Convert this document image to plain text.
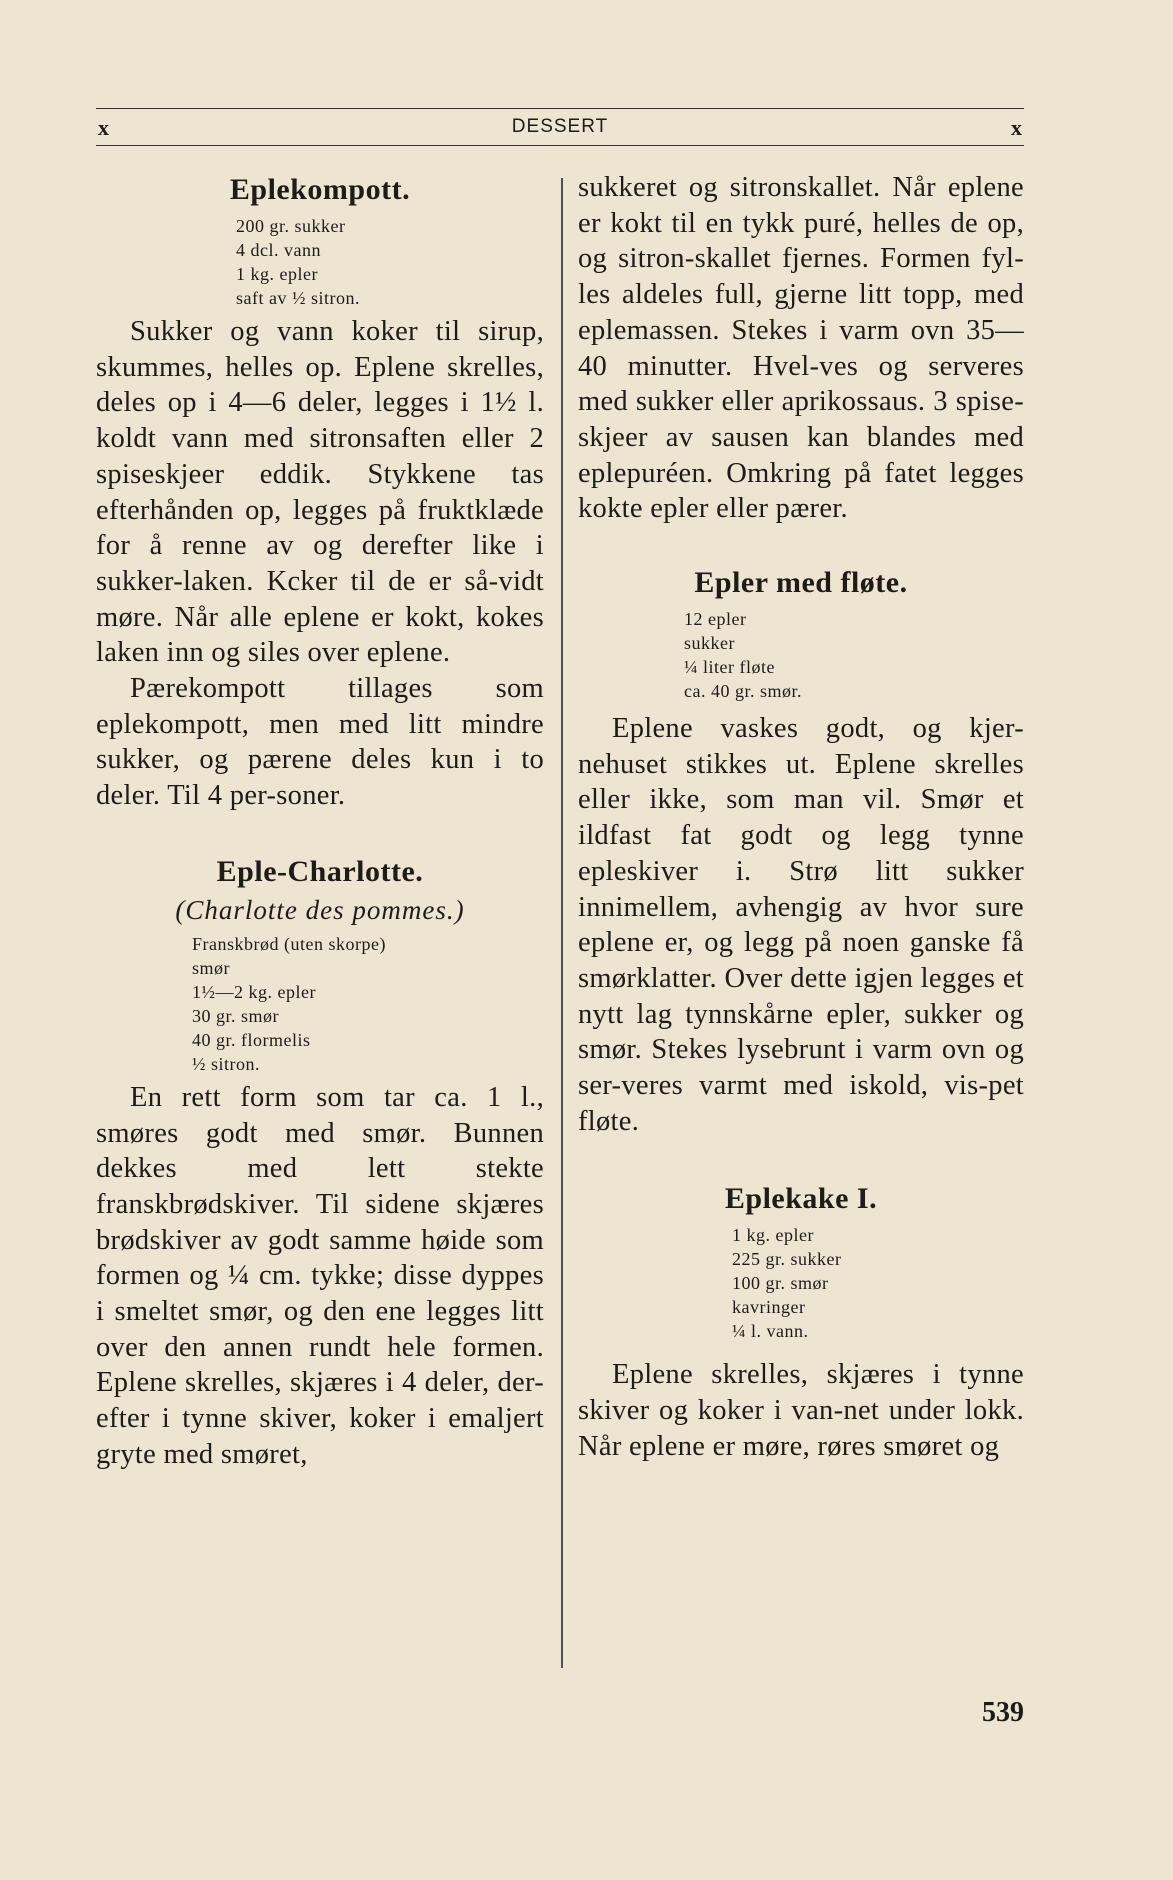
x	DESSERT	x
Eplekompott.
200 gr. sukker
4 dcl. vann
1 kg. epler
saft av ½ sitron.

Sukker og vann koker til sirup, skummes, helles op. Eplene skrelles, deles op i 4—6 deler, legges i 1½ l. koldt vann med sitronsaften eller 2 spiseskjeer eddik. Stykkene tas efterhånden op, legges på fruktklæde for å renne av og derefter like i sukker-laken. Kcker til de er så-vidt møre. Når alle eplene er kokt, kokes laken inn og siles over eplene.

Pærekompott tillages som eplekompott, men med litt mindre sukker, og pærene deles kun i to deler. Til 4 per-soner.

Eple-Charlotte.

(Charlotte des pommes.)

Franskbrød (uten skorpe)
smør
1½—2 kg. epler
30 gr. smør
40 gr. flormelis
½ sitron.

En rett form som tar ca. 1 l., smøres godt med smør. Bunnen dekkes med lett stekte franskbrødskiver. Til sidene skjæres brødskiver av godt samme høide som formen og ¼ cm. tykke; disse dyppes i smeltet smør, og den ene legges litt over den annen rundt hele formen. Eplene skrelles, skjæres i 4 deler, der-efter i tynne skiver, koker i emaljert gryte med smøret,

sukkeret og sitronskallet. Når eplene er kokt til en tykk puré, helles de op, og sitron-skallet fjernes. Formen fyl-les aldeles full, gjerne litt topp, med eplemassen. Stekes i varm ovn 35—40 minutter. Hvel-ves og serveres med sukker eller aprikossaus. 3 spise-skjeer av sausen kan blandes med eplepuréen. Omkring på fatet legges kokte epler eller pærer.

Epler med fløte.
12 epler
sukker
¼ liter fløte
ca. 40 gr. smør.

Eplene vaskes godt, og kjer-nehuset stikkes ut. Eplene skrelles eller ikke, som man vil. Smør et ildfast fat godt og legg tynne epleskiver i. Strø litt sukker innimellem, avhengig av hvor sure eplene er, og legg på noen ganske få smørklatter. Over dette igjen legges et nytt lag tynnskårne epler, sukker og smør. Stekes lysebrunt i varm ovn og ser-veres varmt med iskold, vis-pet fløte.

Eplekake I.
1 kg. epler
225 gr. sukker
100 gr. smør
kavringer
¼ l. vann.

Eplene skrelles, skjæres i tynne skiver og koker i van-net under lokk. Når eplene er møre, røres smøret og

539
